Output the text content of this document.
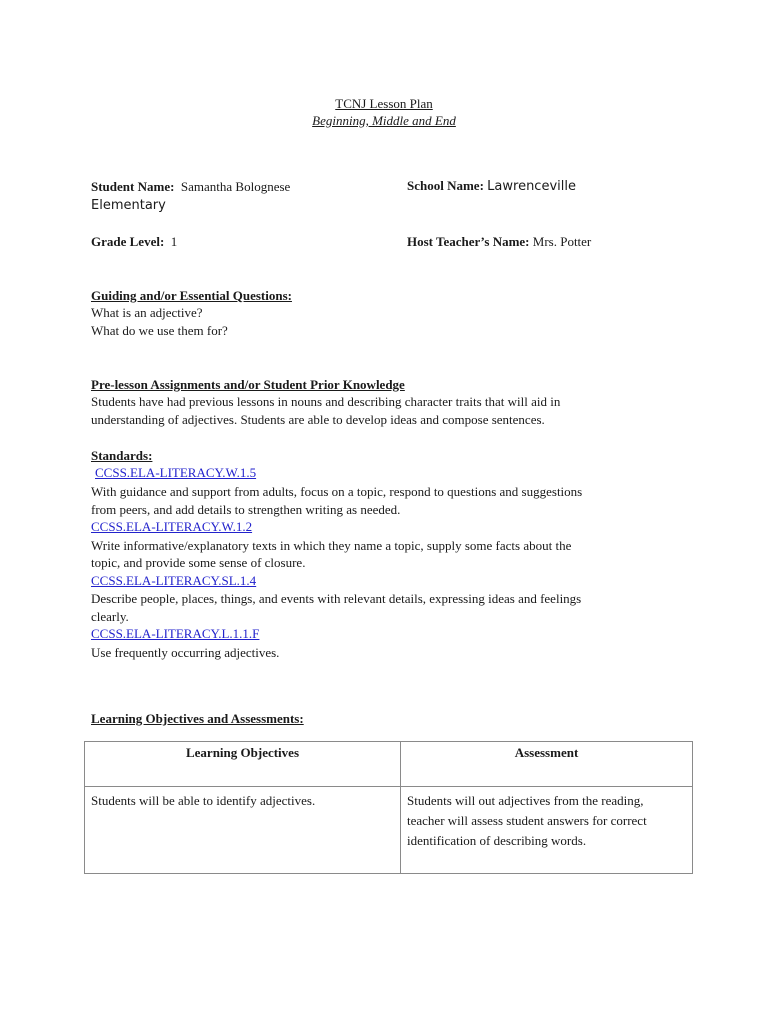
TCNJ Lesson Plan
Beginning, Middle and End
Student Name: Samantha Bolognese	School Name: Lawrenceville
Elementary
Grade Level: 1	Host Teacher’s Name: Mrs. Potter
Guiding and/or Essential Questions:
What is an adjective?
What do we use them for?
Pre-lesson Assignments and/or Student Prior Knowledge
Students have had previous lessons in nouns and describing character traits that will aid in
understanding of adjectives. Students are able to develop ideas and compose sentences.
Standards:
CCSS.ELA-LITERACY.W.1.5
With guidance and support from adults, focus on a topic, respond to questions and suggestions
from peers, and add details to strengthen writing as needed.
CCSS.ELA-LITERACY.W.1.2
Write informative/explanatory texts in which they name a topic, supply some facts about the
topic, and provide some sense of closure.
CCSS.ELA-LITERACY.SL.1.4
Describe people, places, things, and events with relevant details, expressing ideas and feelings
clearly.
CCSS.ELA-LITERACY.L.1.1.F
Use frequently occurring adjectives.
Learning Objectives and Assessments:
Learning Objectives	Assessment
Students will be able to identify adjectives.	Students will out adjectives from the reading,
teacher will assess student answers for correct
identification of describing words.
